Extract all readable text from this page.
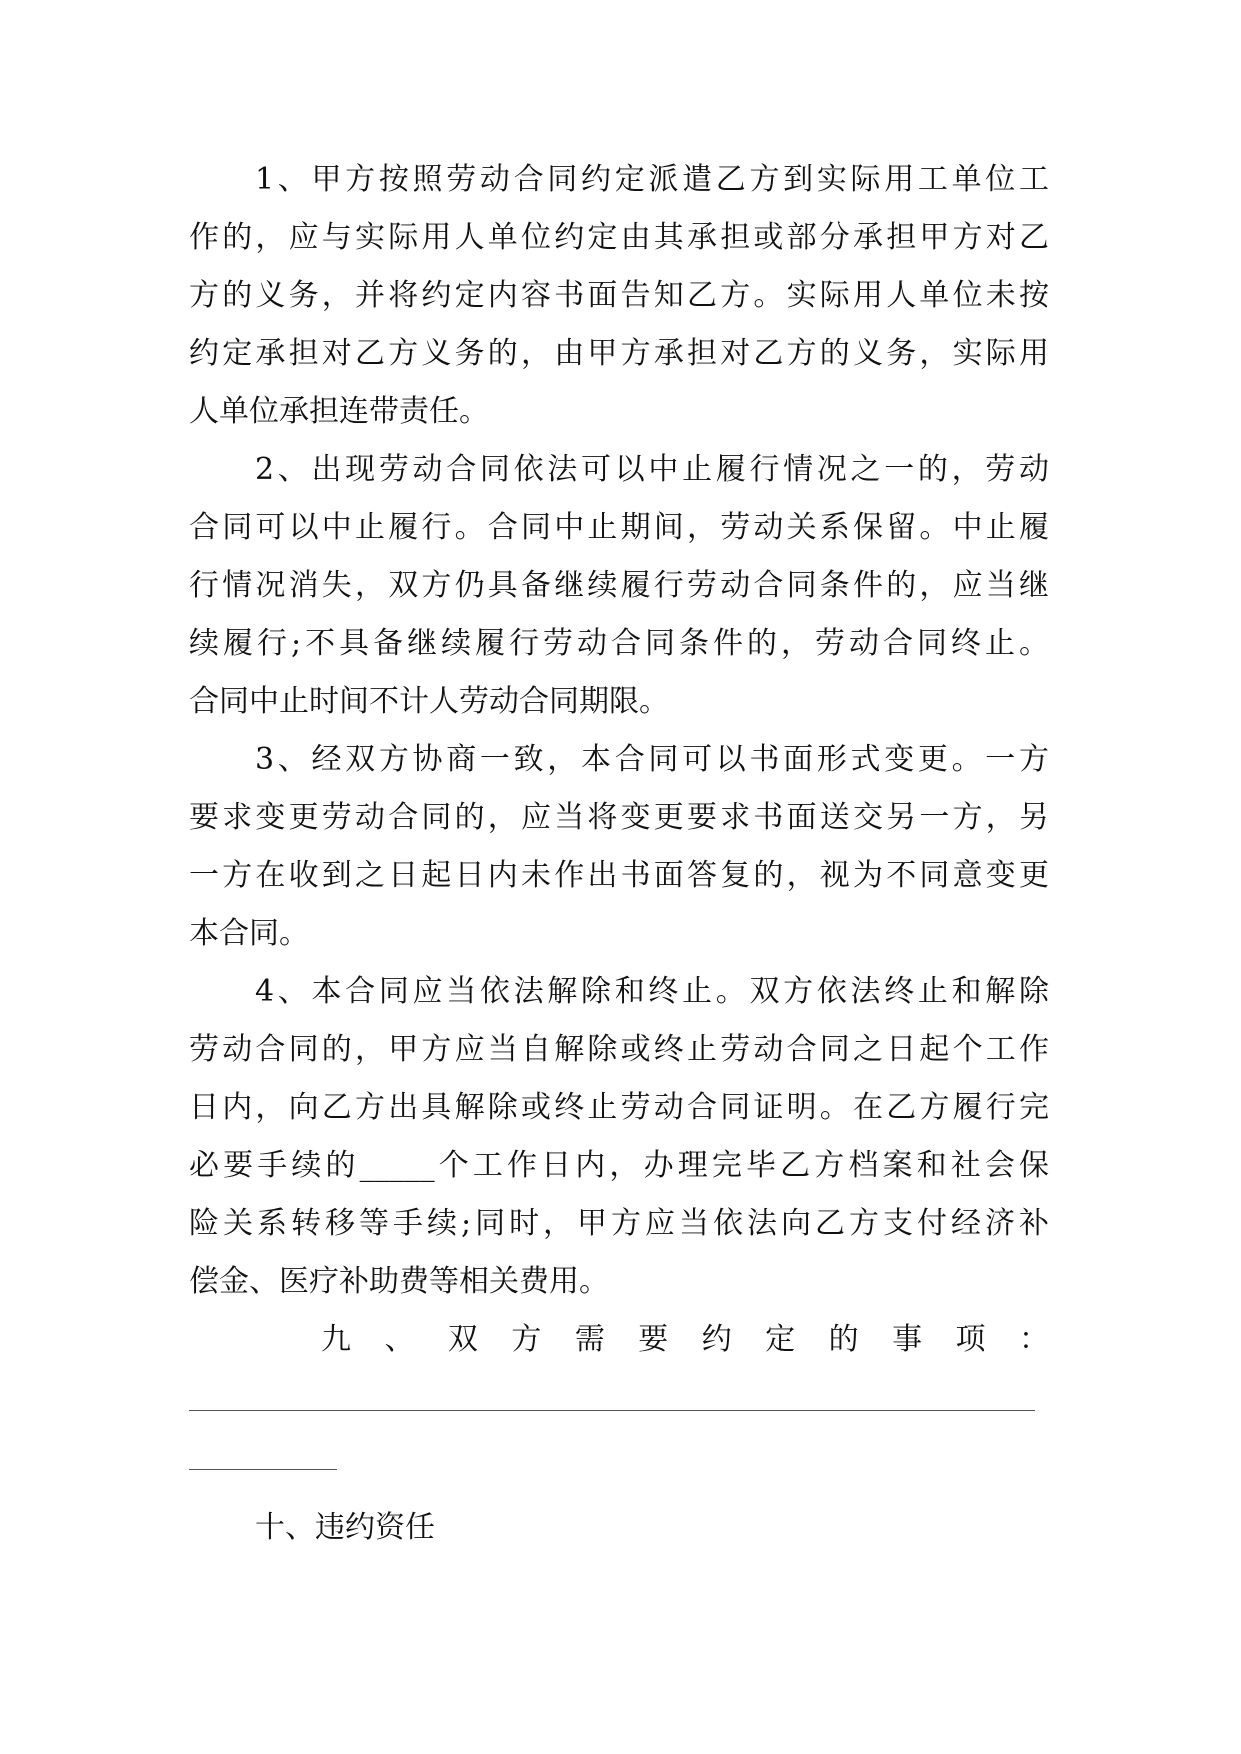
1、甲方按照劳动合同约定派遣乙方到实际用工单位工
作的，应与实际用人单位约定由其承担或部分承担甲方对乙
方的义务，并将约定内容书面告知乙方。实际用人单位未按
约定承担对乙方义务的，由甲方承担对乙方的义务，实际用
人单位承担连带责任。
2、出现劳动合同依法可以中止履行情况之一的，劳动
合同可以中止履行。合同中止期间，劳动关系保留。中止履
行情况消失，双方仍具备继续履行劳动合同条件的，应当继
续履行;不具备继续履行劳动合同条件的，劳动合同终止。
合同中止时间不计人劳动合同期限。
3、经双方协商一致，本合同可以书面形式变更。一方
要求变更劳动合同的，应当将变更要求书面送交另一方，另
一方在收到之日起日内未作出书面答复的，视为不同意变更
本合同。
4、本合同应当依法解除和终止。双方依法终止和解除
劳动合同的，甲方应当自解除或终止劳动合同之日起个工作
日内，向乙方出具解除或终止劳动合同证明。在乙方履行完
必要手续的_____个工作日内，办理完毕乙方档案和社会保
险关系转移等手续;同时，甲方应当依法向乙方支付经济补
偿金、医疗补助费等相关费用。
九、双方需要约定的事项：
十、违约资任
